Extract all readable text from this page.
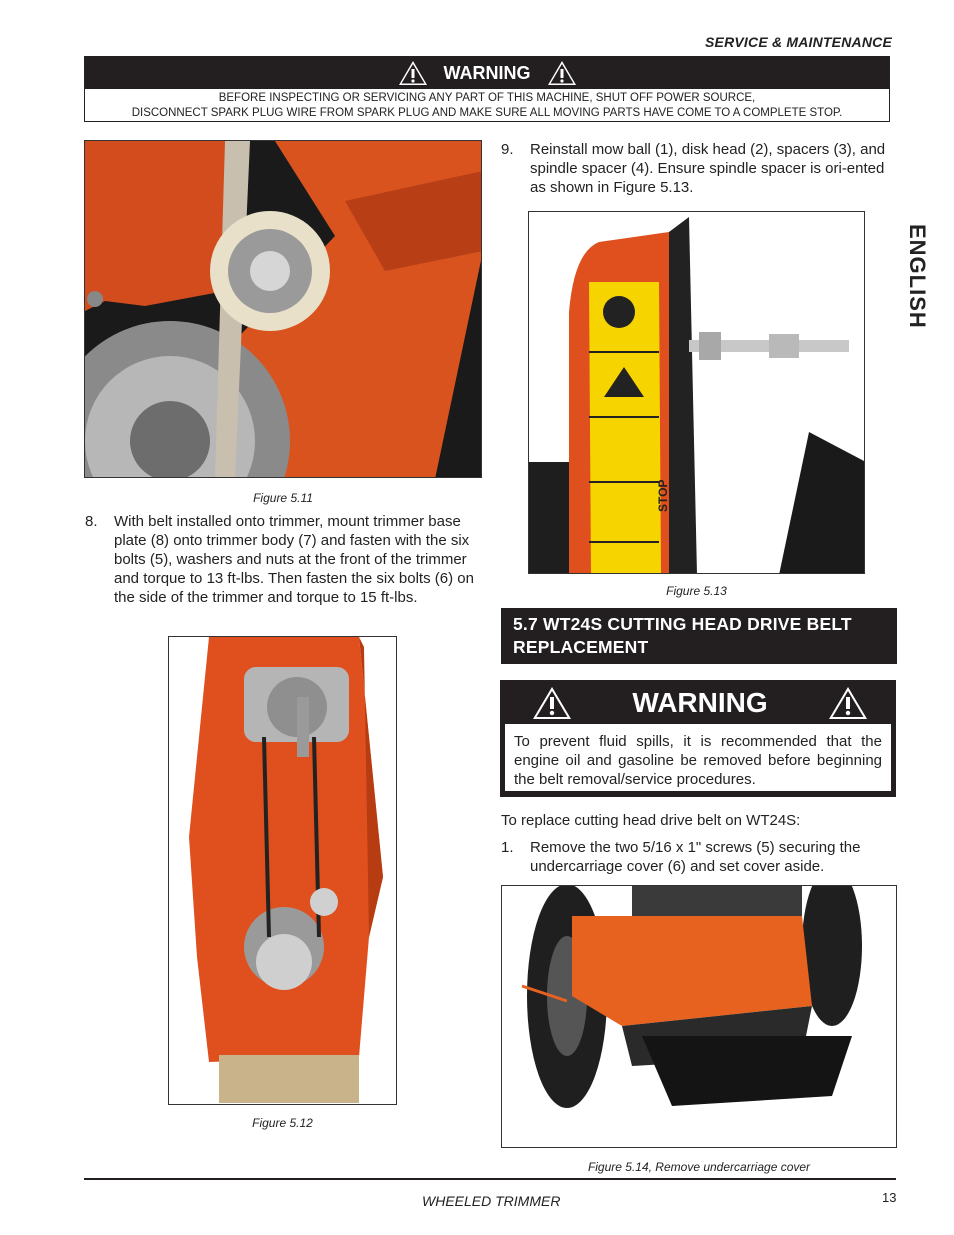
SERVICE & MAINTENANCE
WARNING
BEFORE INSPECTING OR SERVICING ANY PART OF THIS MACHINE, SHUT OFF POWER SOURCE,
DISCONNECT SPARK PLUG WIRE FROM SPARK PLUG AND MAKE SURE ALL MOVING PARTS HAVE COME TO A COMPLETE STOP.
ENGLISH
Figure 5.11
8. With belt installed onto trimmer, mount trimmer base plate (8) onto trimmer body (7) and fasten with the six bolts (5), washers and nuts at the front of the trimmer and torque to 13 ft-lbs. Then fasten the six bolts (6) on the side of the trimmer and torque to 15 ft-lbs.
Figure 5.12
9. Reinstall mow ball (1), disk head (2), spacers (3), and spindle spacer (4). Ensure spindle spacer is ori-ented as shown in Figure 5.13.
STOP
Figure 5.13
5.7 WT24S CUTTING HEAD DRIVE BELT REPLACEMENT
WARNING
To prevent fluid spills, it is recommended that the engine oil and gasoline be removed before beginning the belt removal/service procedures.
To replace cutting head drive belt on WT24S:
1. Remove the two 5/16 x 1" screws (5) securing the undercarriage cover (6) and set cover aside.
Figure 5.14, Remove undercarriage cover
WHEELED TRIMMER	13
